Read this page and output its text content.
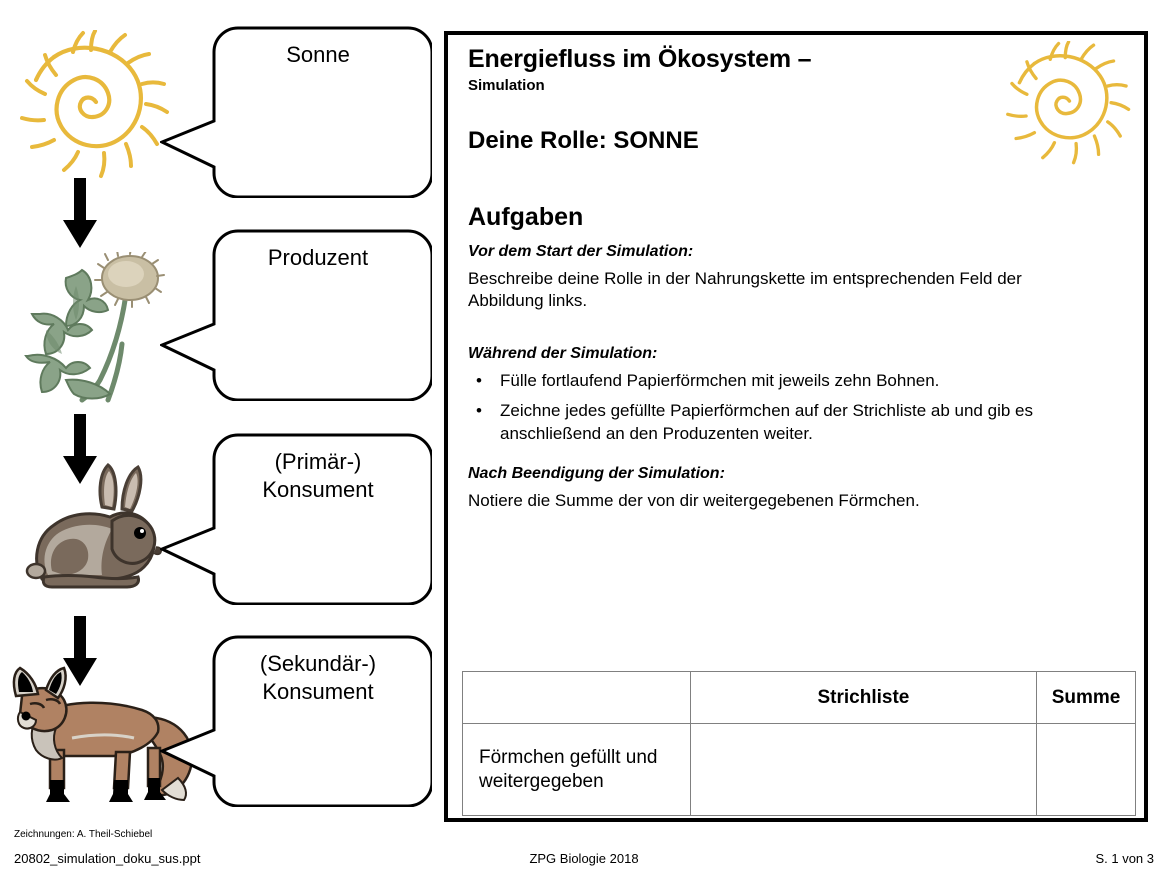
Sonne
Produzent
(Primär-)
Konsument
(Sekundär-)
Konsument
Energiefluss im Ökosystem –
Simulation
Deine Rolle: SONNE
Aufgaben
Vor dem Start der Simulation:
Beschreibe deine Rolle in der Nahrungskette im entsprechenden Feld der Abbildung links.
Während der Simulation:
• Fülle fortlaufend Papierförmchen mit jeweils zehn Bohnen.
• Zeichne jedes gefüllte Papierförmchen auf der Strichliste ab und gib es anschließend an den Produzenten weiter.
Nach Beendigung der Simulation:
Notiere die Summe der von dir weitergegebenen Förmchen.
	Strichliste	Summe
Förmchen gefüllt und weitergegeben		
Zeichnungen: A. Theil-Schiebel
ZPG Biologie 2018
20802_simulation_doku_sus.ppt	S. 1 von 3
